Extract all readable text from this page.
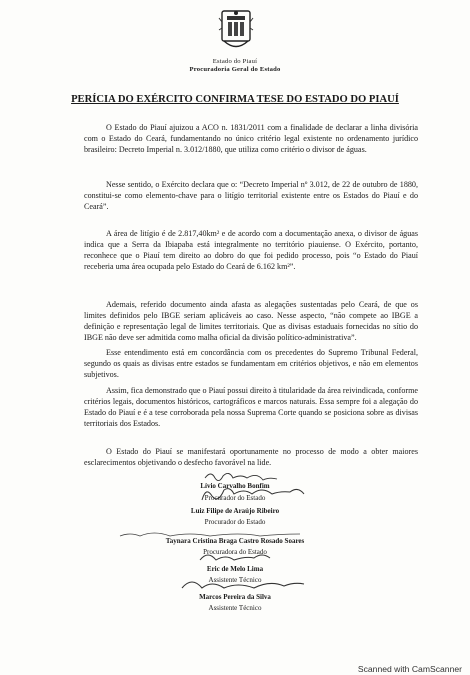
Estado do Piauí
Procuradoria Geral do Estado
PERÍCIA DO EXÉRCITO CONFIRMA TESE DO ESTADO DO PIAUÍ

O Estado do Piauí ajuizou a ACO n. 1831/2011 com a finalidade de declarar a linha divisória com o Estado do Ceará, fundamentando no único critério legal existente no ordenamento jurídico brasileiro: Decreto Imperial n. 3.012/1880, que utiliza como critério o divisor de águas.

Nesse sentido, o Exército declara que o: “Decreto Imperial nº 3.012, de 22 de outubro de 1880, constitui-se como elemento-chave para o litígio territorial existente entre os Estados do Piauí e do Ceará”.

A área de litígio é de 2.817,40km² e de acordo com a documentação anexa, o divisor de águas indica que a Serra da Ibiapaba está integralmente no território piauiense. O Exército, portanto, reconhece que o Piauí tem direito ao dobro do que foi pedido processo, pois “o Estado do Piauí receberia uma área ocupada pelo Estado do Ceará de 6.162 km²”.

Ademais, referido documento ainda afasta as alegações sustentadas pelo Ceará, de que os limites definidos pelo IBGE seriam aplicáveis ao caso. Nesse aspecto, “não compete ao IBGE a definição e representação legal de limites territoriais. Que as divisas estaduais fornecidas no sítio do IBGE não deve ser admitida como malha oficial da divisão político-administrativa”.

Esse entendimento está em concordância com os precedentes do Supremo Tribunal Federal, segundo os quais as divisas entre estados se fundamentam em critérios objetivos, e não em elementos subjetivos.

Assim, fica demonstrado que o Piauí possui direito à titularidade da área reivindicada, conforme critérios legais, documentos históricos, cartográficos e marcos naturais. Essa sempre foi a alegação do Estado do Piauí e é a tese corroborada pela nossa Suprema Corte quando se posiciona sobre as divisas territoriais dos Estados.

O Estado do Piauí se manifestará oportunamente no processo de modo a obter maiores esclarecimentos objetivando o desfecho favorável na lide.

Lívio Carvalho Bonfim
Procurador do Estado
Luiz Filipe de Araújo Ribeiro
Procurador do Estado
Taynara Cristina Braga Castro Rosado Soares
Procuradora do Estado
Eric de Melo Lima
Assistente Técnico
Marcos Pereira da Silva
Assistente Técnico
Scanned with CamScanner
